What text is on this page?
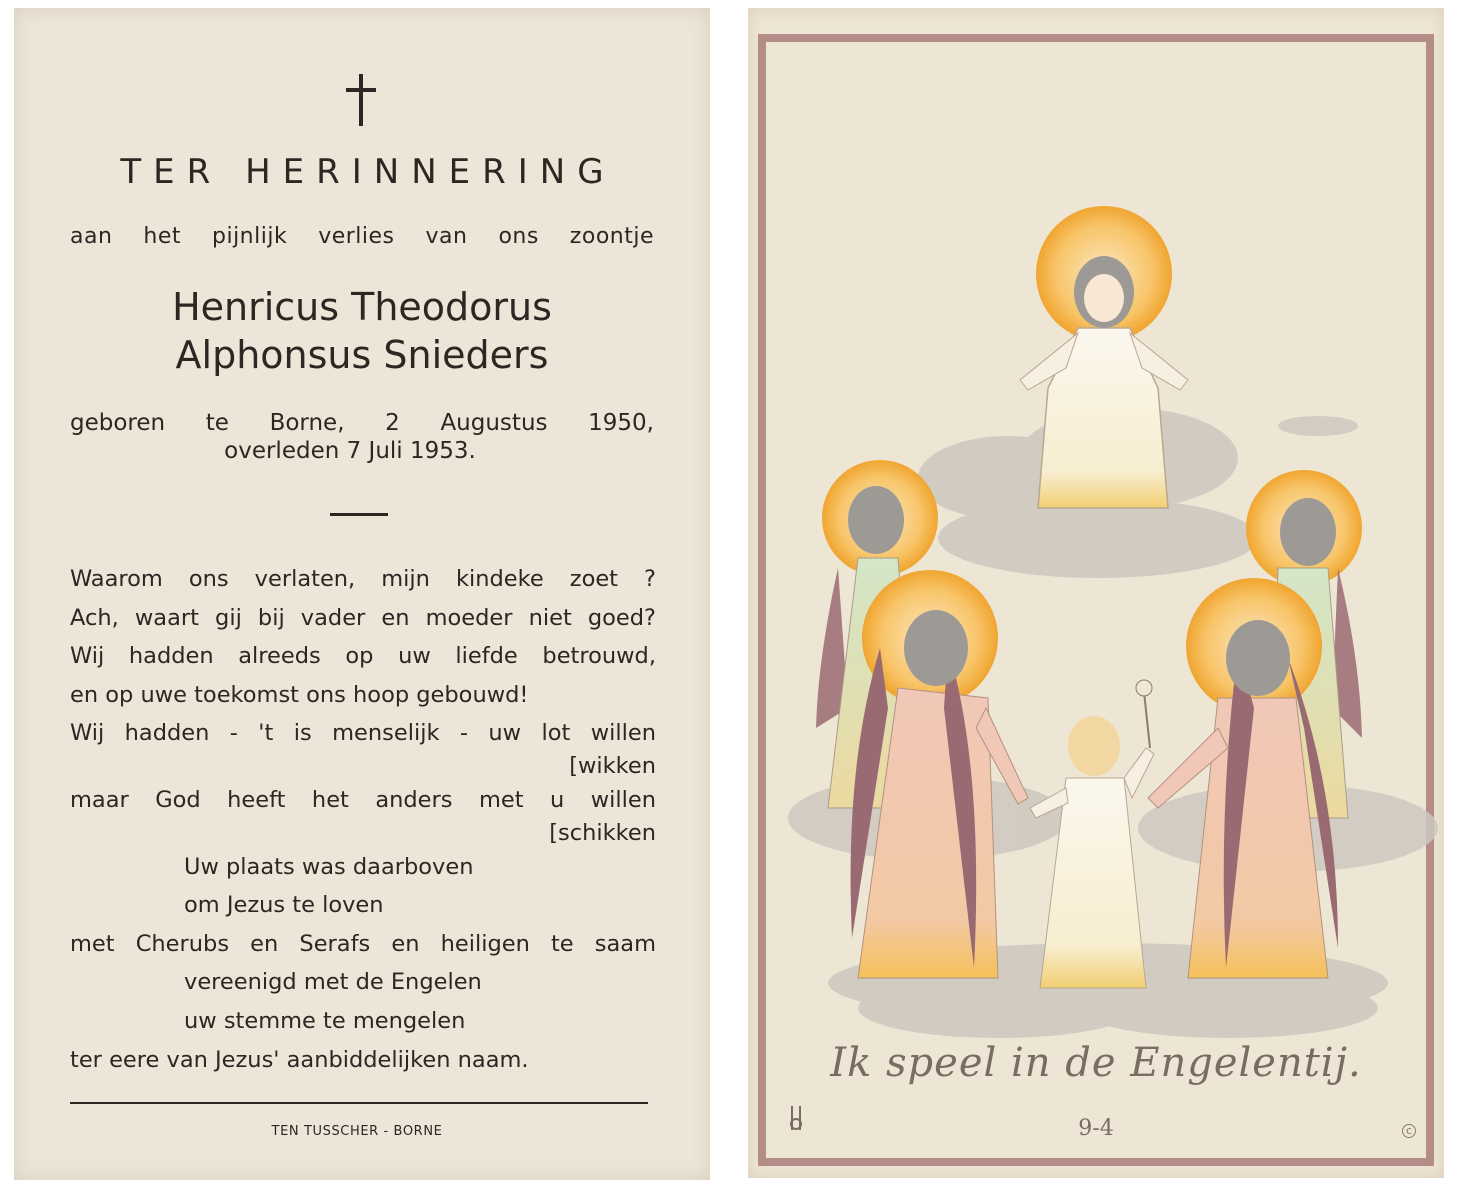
TER HERINNERING
aan het pijnlijk verlies van ons zoontje
Henricus Theodorus
Alphonsus Snieders
geboren te Borne, 2 Augustus 1950,
overleden 7 Juli 1953.
Waarom ons verlaten, mijn kindeke zoet ?
Ach, waart gij bij vader en moeder niet goed?
Wij hadden alreeds op uw liefde betrouwd,
en op uwe toekomst ons hoop gebouwd!
Wij hadden - 't is menselijk - uw lot willen
[wikken
maar God heeft het anders met u willen
[schikken
Uw plaats was daarboven
om Jezus te loven
met Cherubs en Serafs en heiligen te saam
vereenigd met de Engelen
uw stemme te mengelen
ter eere van Jezus' aanbiddelijken naam.
TEN TUSSCHER - BORNE
Ik speel in de Engelentij.
9-4	c
